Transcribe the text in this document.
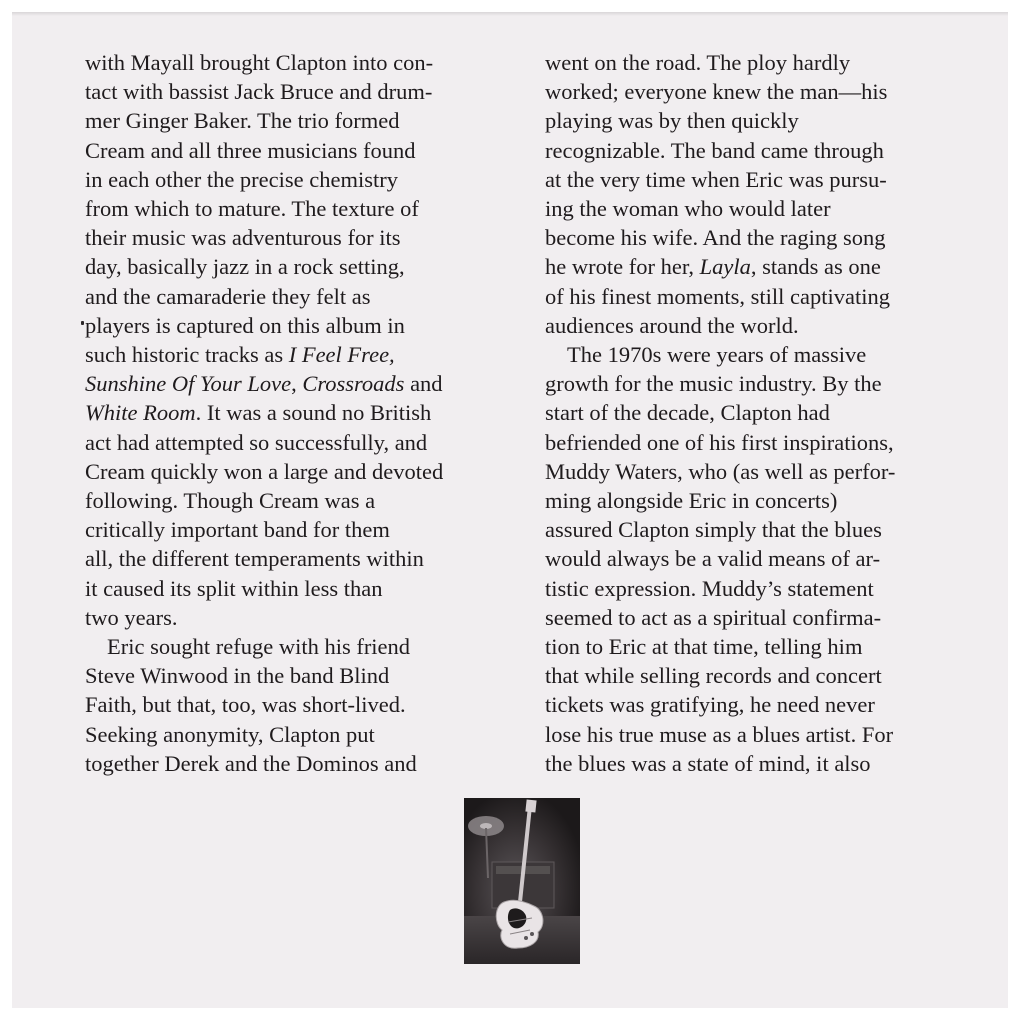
with Mayall brought Clapton into con-
tact with bassist Jack Bruce and drum-
mer Ginger Baker. The trio formed
Cream and all three musicians found
in each other the precise chemistry
from which to mature. The texture of
their music was adventurous for its
day, basically jazz in a rock setting,
and the camaraderie they felt as
players is captured on this album in
such historic tracks as I Feel Free,
Sunshine Of Your Love, Crossroads and
White Room. It was a sound no British
act had attempted so successfully, and
Cream quickly won a large and devoted
following. Though Cream was a
critically important band for them
all, the different temperaments within
it caused its split within less than
two years.
Eric sought refuge with his friend
Steve Winwood in the band Blind
Faith, but that, too, was short-lived.
Seeking anonymity, Clapton put
together Derek and the Dominos and
went on the road. The ploy hardly
worked; everyone knew the man—his
playing was by then quickly
recognizable. The band came through
at the very time when Eric was pursu-
ing the woman who would later
become his wife. And the raging song
he wrote for her, Layla, stands as one
of his finest moments, still captivating
audiences around the world.
The 1970s were years of massive
growth for the music industry. By the
start of the decade, Clapton had
befriended one of his first inspirations,
Muddy Waters, who (as well as perfor-
ming alongside Eric in concerts)
assured Clapton simply that the blues
would always be a valid means of ar-
tistic expression. Muddy’s statement
seemed to act as a spiritual confirma-
tion to Eric at that time, telling him
that while selling records and concert
tickets was gratifying, he need never
lose his true muse as a blues artist. For
the blues was a state of mind, it also
